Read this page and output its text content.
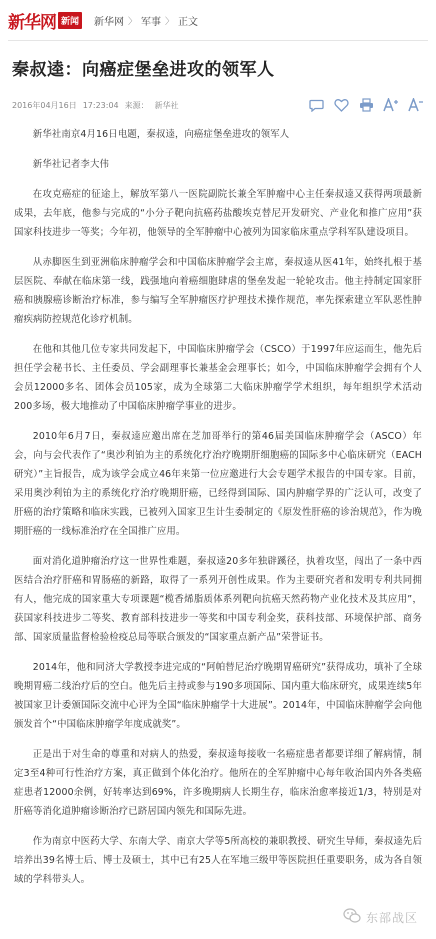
新华网 新闻	新华网 〉 军事 〉 正文
秦叔逵：向癌症堡垒进攻的领军人
2016年04月16日 17:23:04 来源： 新华社

新华社南京4月16日电题，秦叔逵，向癌症堡垒进攻的领军人

新华社记者李大伟

在攻克癌症的征途上，解放军第八一医院副院长兼全军肿瘤中心主任秦叔逵又获得两项最新成果，去年底，他参与完成的“小分子靶向抗癌药盐酸埃克替尼开发研究、产业化和推广应用”获国家科技进步一等奖；今年初，他领导的全军肿瘤中心被列为国家临床重点学科军队建设项目。

从赤脚医生到亚洲临床肿瘤学会和中国临床肿瘤学会主席，秦叔逵从医41年，始终扎根于基层医院、奉献在临床第一线，践强地向着癌细胞肆虐的堡垒发起一轮轮攻击。他主持制定国家肝癌和胰腺癌诊断治疗标准，参与编写全军肿瘤医疗护理技术操作规范，率先探索建立军队恶性肿瘤疾病防控规范化诊疗机制。

在他和其他几位专家共同发起下，中国临床肿瘤学会（CSCO）于1997年应运而生，他先后担任学会秘书长、主任委员、学会副理事长兼基金会理事长；如今，中国临床肿瘤学会拥有个人会员12000多名、团体会员105家，成为全球第二大临床肿瘤学学术组织，每年组织学术活动200多场，极大地推动了中国临床肿瘤学事业的进步。

2010年6月7日，秦叔逵应邀出席在芝加哥举行的第46届美国临床肿瘤学会（ASCO）年会，向与会代表作了“奥沙利铂为主的系统化疗治疗晚期肝细胞癌的国际多中心临床研究（EACH研究）”主旨报告，成为该学会成立46年来第一位应邀进行大会专题学术报告的中国专家。目前，采用奥沙利铂为主的系统化疗治疗晚期肝癌，已经得到国际、国内肿瘤学界的广泛认可，改变了肝癌的治疗策略和临床实践，已被列入国家卫生计生委制定的《原发性肝癌的诊治规范》，作为晚期肝癌的一线标准治疗在全国推广应用。

面对消化道肿瘤治疗这一世界性难题，秦叔逵20多年独辟蹊径，执着攻坚，闯出了一条中西医结合治疗肝癌和胃肠癌的新路，取得了一系列开创性成果。作为主要研究者和发明专利共同拥有人，他完成的国家重大专项课题“榄香烯脂质体系列靶向抗癌天然药物产业化技术及其应用”，获国家科技进步二等奖、教育部科技进步一等奖和中国专利金奖，获科技部、环境保护部、商务部、国家质量监督检验检疫总局等联合颁发的“国家重点新产品”荣誉证书。

2014年，他和同济大学教授李进完成的“阿帕替尼治疗晚期胃癌研究”获得成功，填补了全球晚期胃癌二线治疗后的空白。他先后主持或参与190多项国际、国内重大临床研究，成果连续5年被国家卫计委颁国际交流中心评为全国“临床肿瘤学十大进展”。2014年，中国临床肿瘤学会向他颁发首个“中国临床肿瘤学年度成就奖”。

正是出于对生命的尊重和对病人的热爱，秦叔逵每接收一名癌症患者都要详细了解病情，制定3至4种可行性治疗方案，真正做到个体化治疗。他所在的全军肿瘤中心每年收治国内外各类癌症患者12000余例，好转率达到69%，许多晚期病人长期生存，临床治愈率接近1/3，特别是对肝癌等消化道肿瘤诊断治疗已跻居国内领先和国际先进。

作为南京中医药大学、东南大学、南京大学等5所高校的兼职教授、研究生导师，秦叔逵先后培养出39名博士后、博士及硕士，其中已有25人在军地三级甲等医院担任重要职务，成为各自领域的学科带头人。

东部战区
